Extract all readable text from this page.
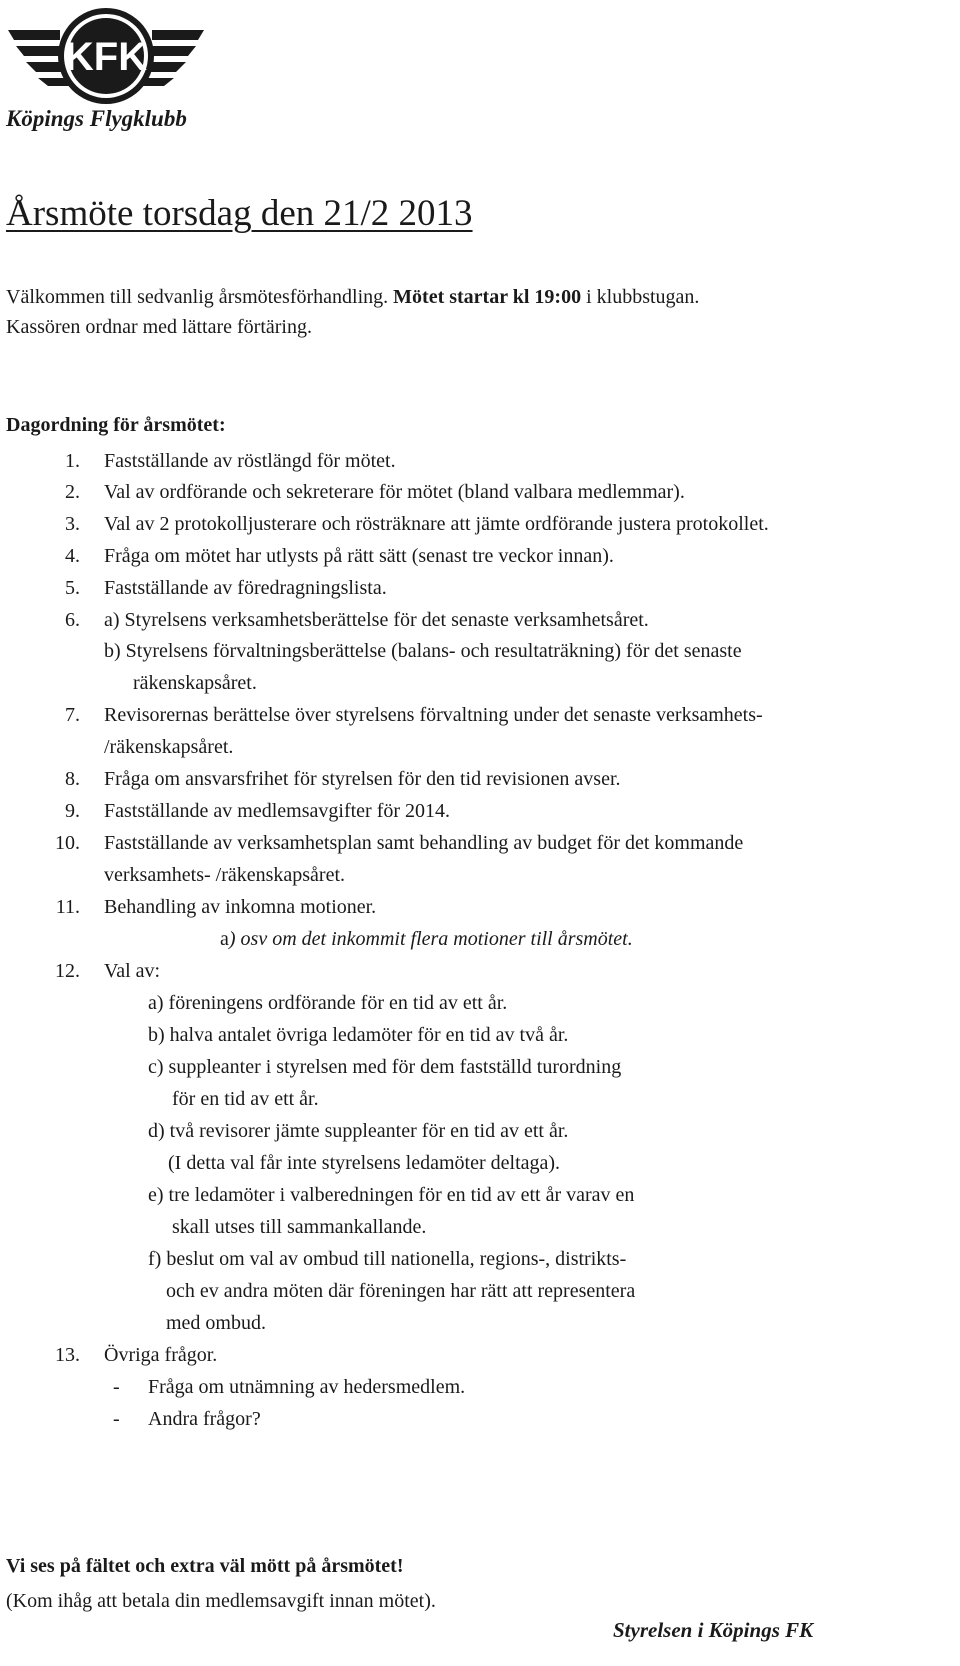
KFK
Köpings Flygklubb
Årsmöte torsdag den 21/2 2013
Välkommen till sedvanlig årsmötesförhandling. Mötet startar kl 19:00 i klubbstugan.
Kassören ordnar med lättare förtäring.
Dagordning för årsmötet:
1. Fastställande av röstlängd för mötet.
2. Val av ordförande och sekreterare för mötet (bland valbara medlemmar).
3. Val av 2 protokolljusterare och rösträknare att jämte ordförande justera protokollet.
4. Fråga om mötet har utlysts på rätt sätt (senast tre veckor innan).
5. Fastställande av föredragningslista.
6. a) Styrelsens verksamhetsberättelse för det senaste verksamhetsåret.
b) Styrelsens förvaltningsberättelse (balans- och resultaträkning) för det senaste
räkenskapsåret.
7. Revisorernas berättelse över styrelsens förvaltning under det senaste verksamhets-
/räkenskapsåret.
8. Fråga om ansvarsfrihet för styrelsen för den tid revisionen avser.
9. Fastställande av medlemsavgifter för 2014.
10. Fastställande av verksamhetsplan samt behandling av budget för det kommande
verksamhets- /räkenskapsåret.
11. Behandling av inkomna motioner.
a) osv om det inkommit flera motioner till årsmötet.
12. Val av:
a) föreningens ordförande för en tid av ett år.
b) halva antalet övriga ledamöter för en tid av två år.
c) suppleanter i styrelsen med för dem fastställd turordning
för en tid av ett år.
d) två revisorer jämte suppleanter för en tid av ett år.
(I detta val får inte styrelsens ledamöter deltaga).
e) tre ledamöter i valberedningen för en tid av ett år varav en
skall utses till sammankallande.
f) beslut om val av ombud till nationella, regions-, distrikts-
och ev andra möten där föreningen har rätt att representera
med ombud.
13. Övriga frågor.
- Fråga om utnämning av hedersmedlem.
- Andra frågor?
Vi ses på fältet och extra väl mött på årsmötet!
(Kom ihåg att betala din medlemsavgift innan mötet).
Styrelsen i Köpings FK
